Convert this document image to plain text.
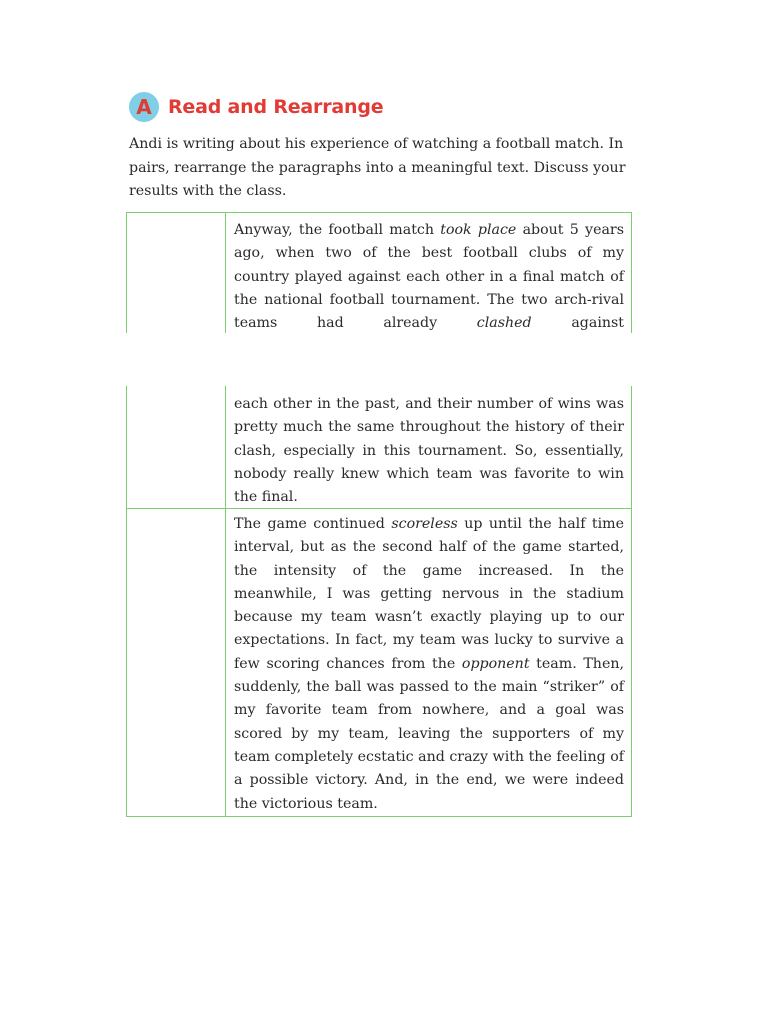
A Read and Rearrange

Andi is writing about his experience of watching a football match. In pairs, rearrange the paragraphs into a meaningful text. Discuss your results with the class.

Anyway, the football match took place about 5 years ago, when two of the best football clubs of my country played against each other in a final match of the national football tournament. The two arch-rival teams had already clashed against

each other in the past, and their number of wins was pretty much the same throughout the history of their clash, especially in this tournament. So, essentially, nobody really knew which team was favorite to win the final.

The game continued scoreless up until the half time interval, but as the second half of the game started, the intensity of the game increased. In the meanwhile, I was getting nervous in the stadium because my team wasn’t exactly playing up to our expectations. In fact, my team was lucky to survive a few scoring chances from the opponent team. Then, suddenly, the ball was passed to the main “striker” of my favorite team from nowhere, and a goal was scored by my team, leaving the supporters of my team completely ecstatic and crazy with the feeling of a possible victory. And, in the end, we were indeed the victorious team.
